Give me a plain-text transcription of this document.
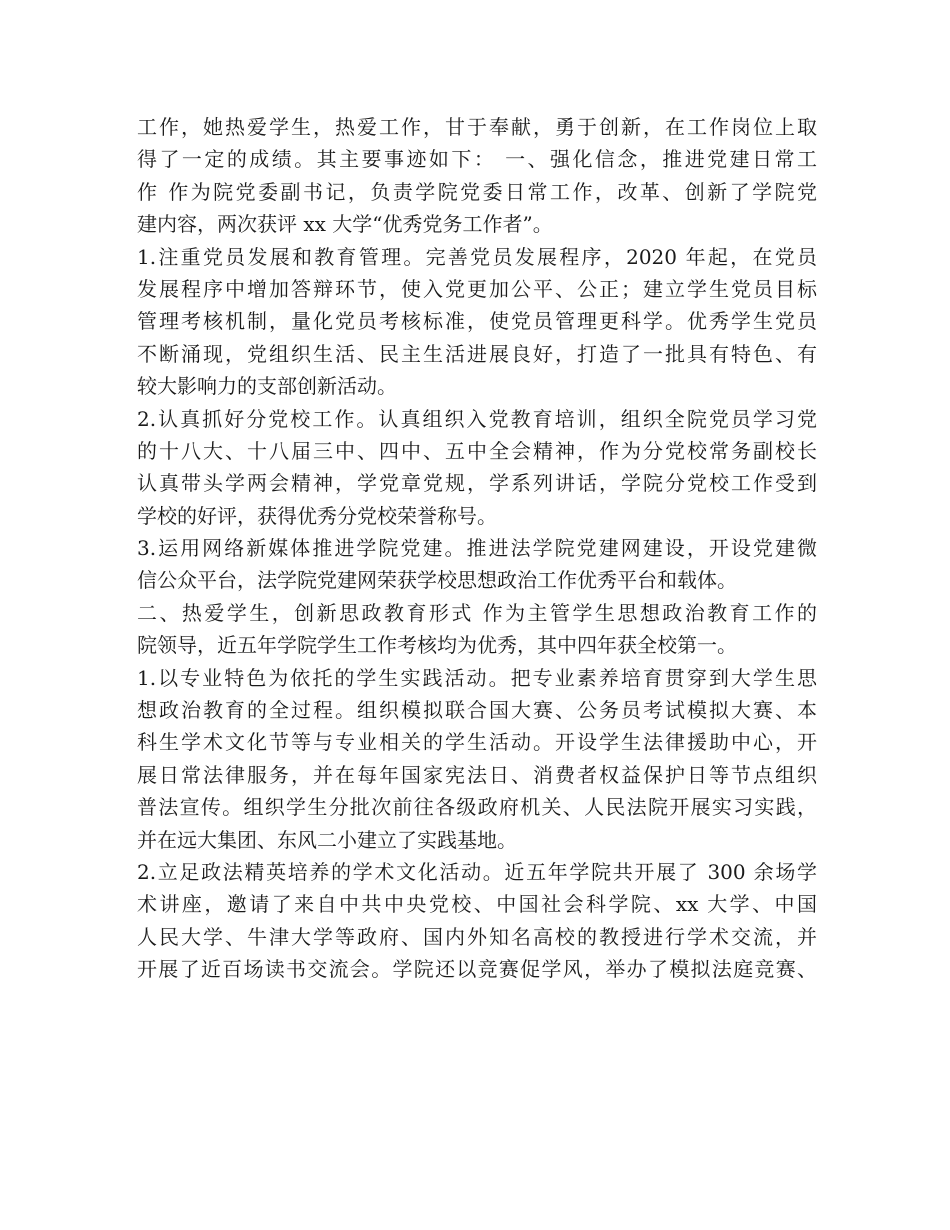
工作，她热爱学生，热爱工作，甘于奉献，勇于创新，在工作岗位上取
得了一定的成绩。其主要事迹如下： 一、强化信念，推进党建日常工
作 作为院党委副书记，负责学院党委日常工作，改革、创新了学院党
建内容，两次获评 xx 大学“优秀党务工作者”。
1.注重党员发展和教育管理。完善党员发展程序，2020 年起，在党员
发展程序中增加答辩环节，使入党更加公平、公正；建立学生党员目标
管理考核机制，量化党员考核标准，使党员管理更科学。优秀学生党员
不断涌现，党组织生活、民主生活进展良好，打造了一批具有特色、有
较大影响力的支部创新活动。
2.认真抓好分党校工作。认真组织入党教育培训，组织全院党员学习党
的十八大、十八届三中、四中、五中全会精神，作为分党校常务副校长
认真带头学两会精神，学党章党规，学系列讲话，学院分党校工作受到
学校的好评，获得优秀分党校荣誉称号。
3.运用网络新媒体推进学院党建。推进法学院党建网建设，开设党建微
信公众平台，法学院党建网荣获学校思想政治工作优秀平台和载体。
二、热爱学生，创新思政教育形式 作为主管学生思想政治教育工作的
院领导，近五年学院学生工作考核均为优秀，其中四年获全校第一。
1.以专业特色为依托的学生实践活动。把专业素养培育贯穿到大学生思
想政治教育的全过程。组织模拟联合国大赛、公务员考试模拟大赛、本
科生学术文化节等与专业相关的学生活动。开设学生法律援助中心，开
展日常法律服务，并在每年国家宪法日、消费者权益保护日等节点组织
普法宣传。组织学生分批次前往各级政府机关、人民法院开展实习实践，
并在远大集团、东风二小建立了实践基地。
2.立足政法精英培养的学术文化活动。近五年学院共开展了 300 余场学
术讲座，邀请了来自中共中央党校、中国社会科学院、xx 大学、中国
人民大学、牛津大学等政府、国内外知名高校的教授进行学术交流，并
开展了近百场读书交流会。学院还以竞赛促学风，举办了模拟法庭竞赛、
